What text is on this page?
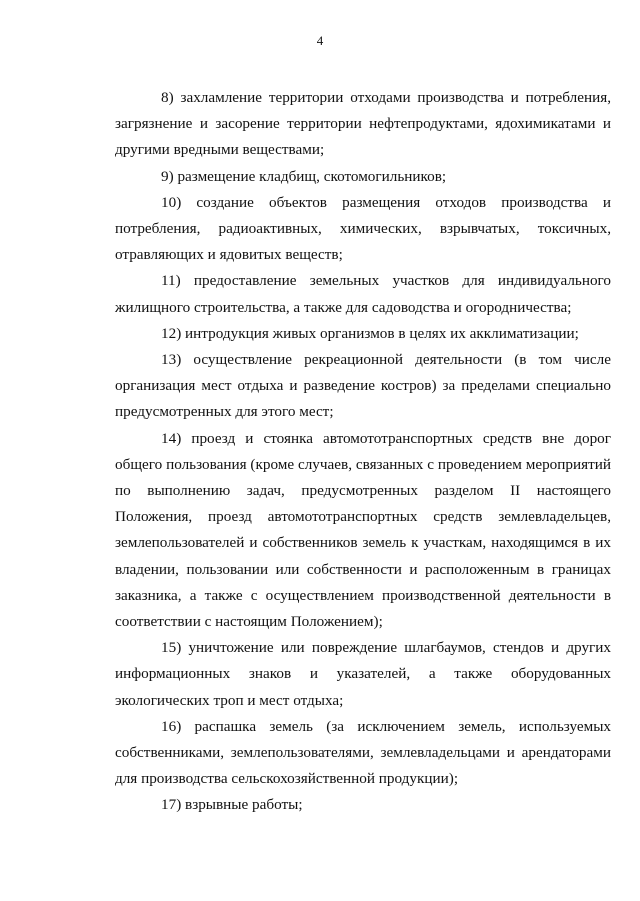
4

8) захламление территории отходами производства и потребления, загрязнение и засорение территории нефтепродуктами, ядохимикатами и другими вредными веществами;

9) размещение кладбищ, скотомогильников;

10) создание объектов размещения отходов производства и потребления, радиоактивных, химических, взрывчатых, токсичных, отравляющих и ядовитых веществ;

11) предоставление земельных участков для индивидуального жилищного строительства, а также для садоводства и огородничества;

12) интродукция живых организмов в целях их акклиматизации;

13) осуществление рекреационной деятельности (в том числе организация мест отдыха и разведение костров) за пределами специально предусмотренных для этого мест;

14) проезд и стоянка автомототранспортных средств вне дорог общего пользования (кроме случаев, связанных с проведением мероприятий по выполнению задач, предусмотренных разделом II настоящего Положения, проезд автомототранспортных средств землевладельцев, землепользователей и собственников земель к участкам, находящимся в их владении, пользовании или собственности и расположенным в границах заказника, а также с осуществлением производственной деятельности в соответствии с настоящим Положением);

15) уничтожение или повреждение шлагбаумов, стендов и других информационных знаков и указателей, а также оборудованных экологических троп и мест отдыха;

16) распашка земель (за исключением земель, используемых собственниками, землепользователями, землевладельцами и арендаторами для производства сельскохозяйственной продукции);

17) взрывные работы;
